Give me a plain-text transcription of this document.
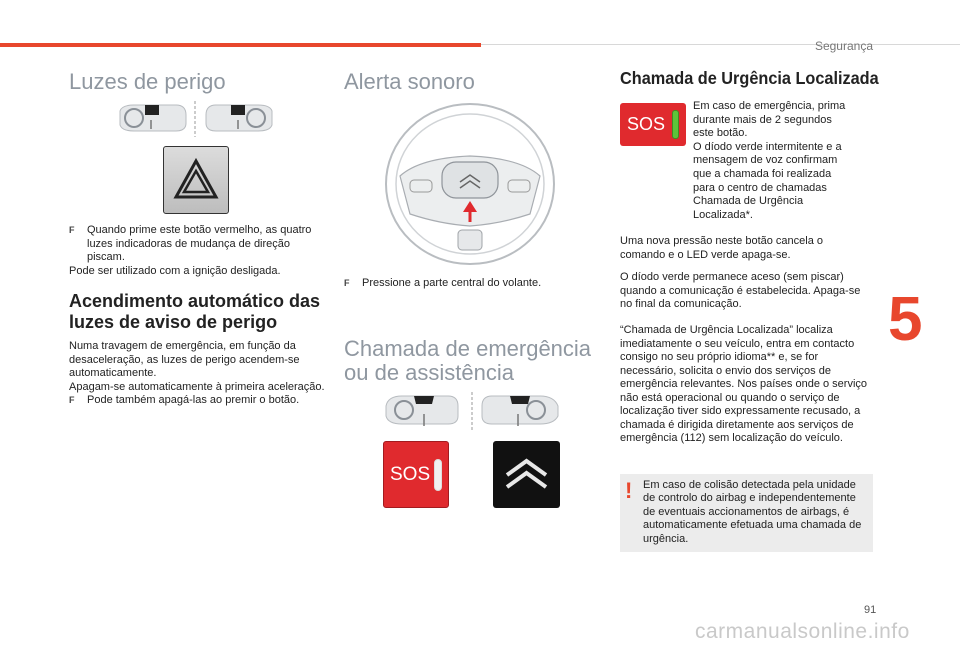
Segurança
Luzes de perigo
F Quando prime este botão vermelho, as quatro luzes indicadoras de mudança de direção piscam.
Pode ser utilizado com a ignição desligada.
Acendimento automático das luzes de aviso de perigo
Numa travagem de emergência, em função da desaceleração, as luzes de perigo acendem-se automaticamente.
Apagam-se automaticamente à primeira aceleração.
F Pode também apagá-las ao premir o botão.
Alerta sonoro
F Pressione a parte central do volante.
Chamada de emergência
ou de assistência
SOS
Chamada de Urgência Localizada
SOS
Em caso de emergência, prima
durante mais de 2 segundos
este botão.
O díodo verde intermitente e a
mensagem de voz confirmam
que a chamada foi realizada
para o centro de chamadas
Chamada de Urgência
Localizada*.
Uma nova pressão neste botão cancela o comando e o LED verde apaga-se.
O díodo verde permanece aceso (sem piscar) quando a comunicação é estabelecida. Apaga-se no final da comunicação.
“Chamada de Urgência Localizada” localiza imediatamente o seu veículo, entra em contacto consigo no seu próprio idioma** e, se for necessário, solicita o envio dos serviços de emergência relevantes. Nos países onde o serviço não está operacional ou quando o serviço de localização tiver sido expressamente recusado, a chamada é dirigida diretamente aos serviços de emergência (112) sem localização do veículo.
! Em caso de colisão detectada pela unidade de controlo do airbag e independentemente de eventuais accionamentos de airbags, é automaticamente efetuada uma chamada de urgência.
5
91
carmanualsonline.info
